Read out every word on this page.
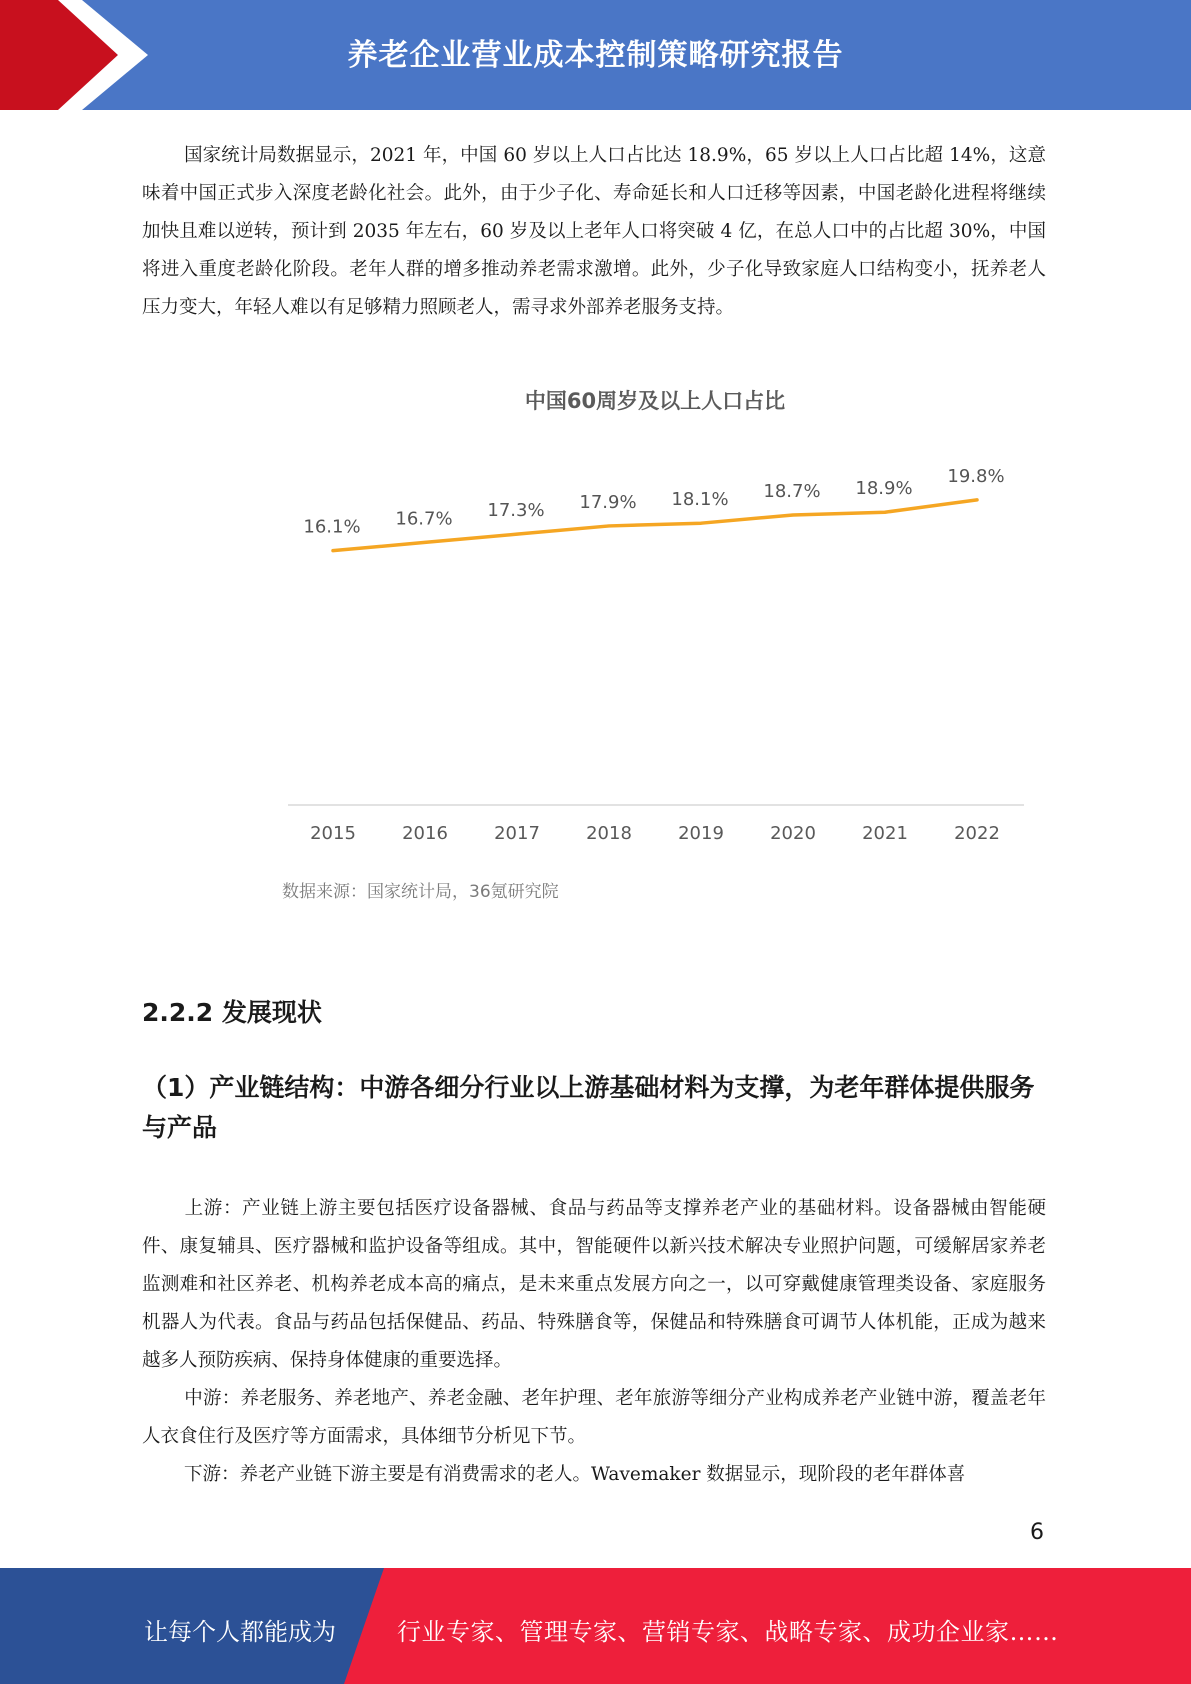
养老企业营业成本控制策略研究报告

国家统计局数据显示，2021 年，中国 60 岁以上人口占比达 18.9%，65 岁以上人口占比超 14%，这意味着中国正式步入深度老龄化社会。此外，由于少子化、寿命延长和人口迁移等因素，中国老龄化进程将继续加快且难以逆转，预计到 2035 年左右，60 岁及以上老年人口将突破 4 亿，在总人口中的占比超 30%，中国将进入重度老龄化阶段。老年人群的增多推动养老需求激增。此外，少子化导致家庭人口结构变小，抚养老人压力变大，年轻人难以有足够精力照顾老人，需寻求外部养老服务支持。

中国60周岁及以上人口占比
16.1%
2015
16.7%
2016
17.3%
2017
17.9%
2018
18.1%
2019
18.7%
2020
18.9%
2021
19.8%
2022
数据来源：国家统计局，36氪研究院
2.2.2 发展现状

（1）产业链结构：中游各细分行业以上游基础材料为支撑，为老年群体提供服务与产品

上游：产业链上游主要包括医疗设备器械、食品与药品等支撑养老产业的基础材料。设备器械由智能硬件、康复辅具、医疗器械和监护设备等组成。其中，智能硬件以新兴技术解决专业照护问题，可缓解居家养老监测难和社区养老、机构养老成本高的痛点，是未来重点发展方向之一，以可穿戴健康管理类设备、家庭服务机器人为代表。食品与药品包括保健品、药品、特殊膳食等，保健品和特殊膳食可调节人体机能，正成为越来越多人预防疾病、保持身体健康的重要选择。

中游：养老服务、养老地产、养老金融、老年护理、老年旅游等细分产业构成养老产业链中游，覆盖老年人衣食住行及医疗等方面需求，具体细节分析见下节。

下游：养老产业链下游主要是有消费需求的老人。Wavemaker 数据显示，现阶段的老年群体喜

6
让每个人都能成为	行业专家、管理专家、营销专家、战略专家、成功企业家……
